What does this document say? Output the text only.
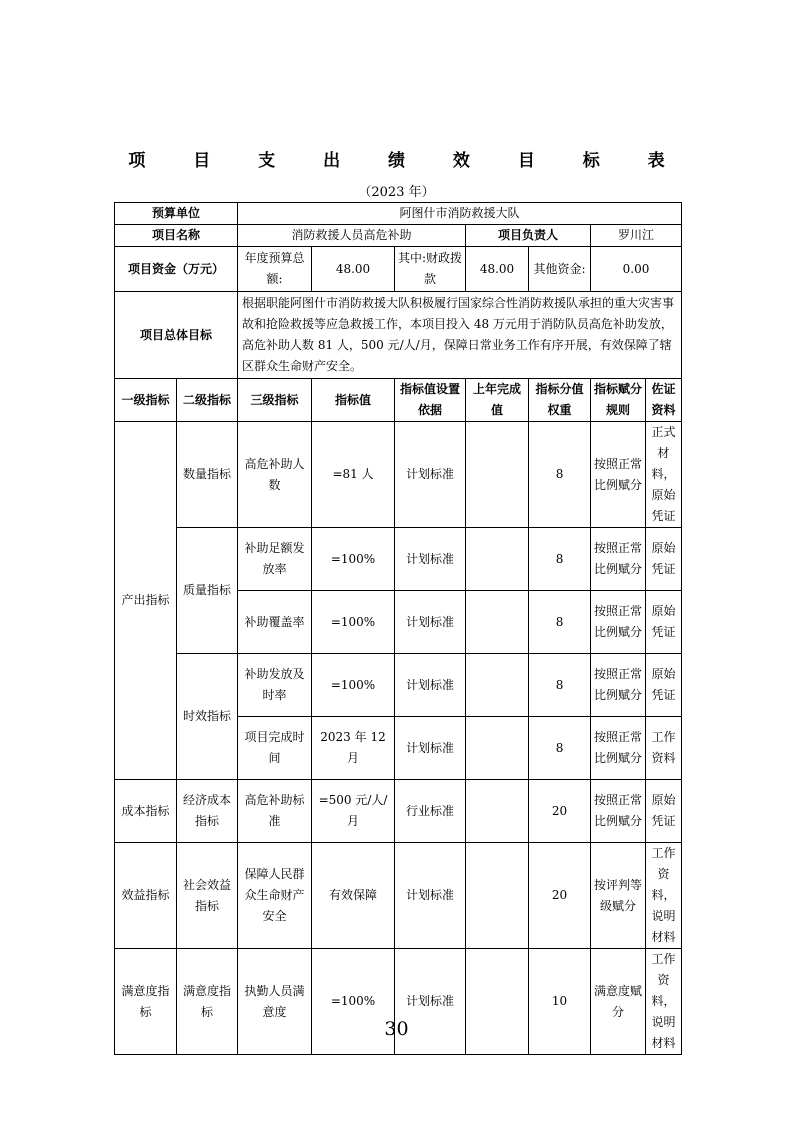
项 目 支 出 绩 效 目 标 表
（2023 年）
预算单位		阿图什市消防救援大队						
项目名称		消防救援人员高危补助			项目负责人		罗川江	
项目资金（万元）		年度预算总额:	48.00	其中:财政拨款	48.00	其他资金:	0.00	
项目总体目标		根据职能阿图什市消防救援大队积极履行国家综合性消防救援队承担的重大灾害事故和抢险救援等应急救援工作，本项目投入 48 万元用于消防队员高危补助发放，高危补助人数 81 人，500 元/人/月，保障日常业务工作有序开展，有效保障了辖区群众生命财产安全。						
一级指标	二级指标	三级指标	指标值	指标值设置依据	上年完成值	指标分值权重	指标赋分规则	佐证资料
产出指标	数量指标	高危补助人数	=81 人	计划标准		8	按照正常比例赋分	正式材料，原始凭证
	质量指标	补助足额发放率	=100%	计划标准		8	按照正常比例赋分	原始凭证
		补助覆盖率	=100%	计划标准		8	按照正常比例赋分	原始凭证
	时效指标	补助发放及时率	=100%	计划标准		8	按照正常比例赋分	原始凭证
		项目完成时间	2023 年 12 月	计划标准		8	按照正常比例赋分	工作资料
成本指标	经济成本指标	高危补助标准	=500 元/人/月	行业标准		20	按照正常比例赋分	原始凭证
效益指标	社会效益指标	保障人民群众生命财产安全	有效保障	计划标准		20	按评判等级赋分	工作资料，说明材料
满意度指标	满意度指标	执勤人员满意度	=100%	计划标准		10	满意度赋分	工作资料，说明材料
30
